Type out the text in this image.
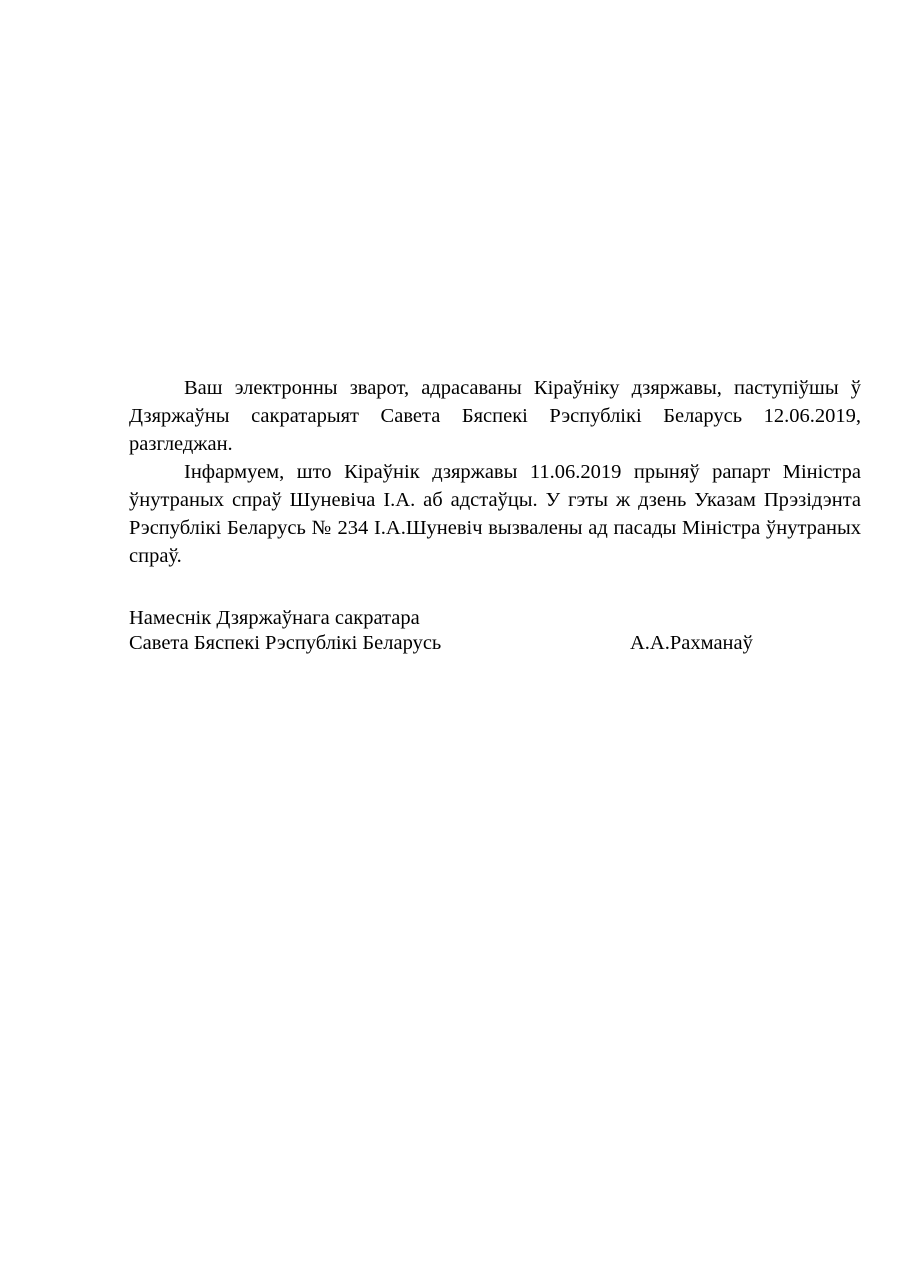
Ваш электронны зварот, адрасаваны Кіраўніку дзяржавы, паступіўшы ў Дзяржаўны сакратарыят Савета Бяспекі Рэспублікі Беларусь 12.06.2019, разгледжан.

Інфармуем, што Кіраўнік дзяржавы 11.06.2019 прыняў рапарт Міністра ўнутраных спраў Шуневіча І.А. аб адстаўцы. У гэты ж дзень Указам Прэзідэнта Рэспублікі Беларусь № 234 І.А.Шуневіч вызвалены ад пасады Міністра ўнутраных спраў.

Намеснік Дзяржаўнага сакратара
Савета Бяспекі Рэспублікі Беларусь	А.А.Рахманаў
